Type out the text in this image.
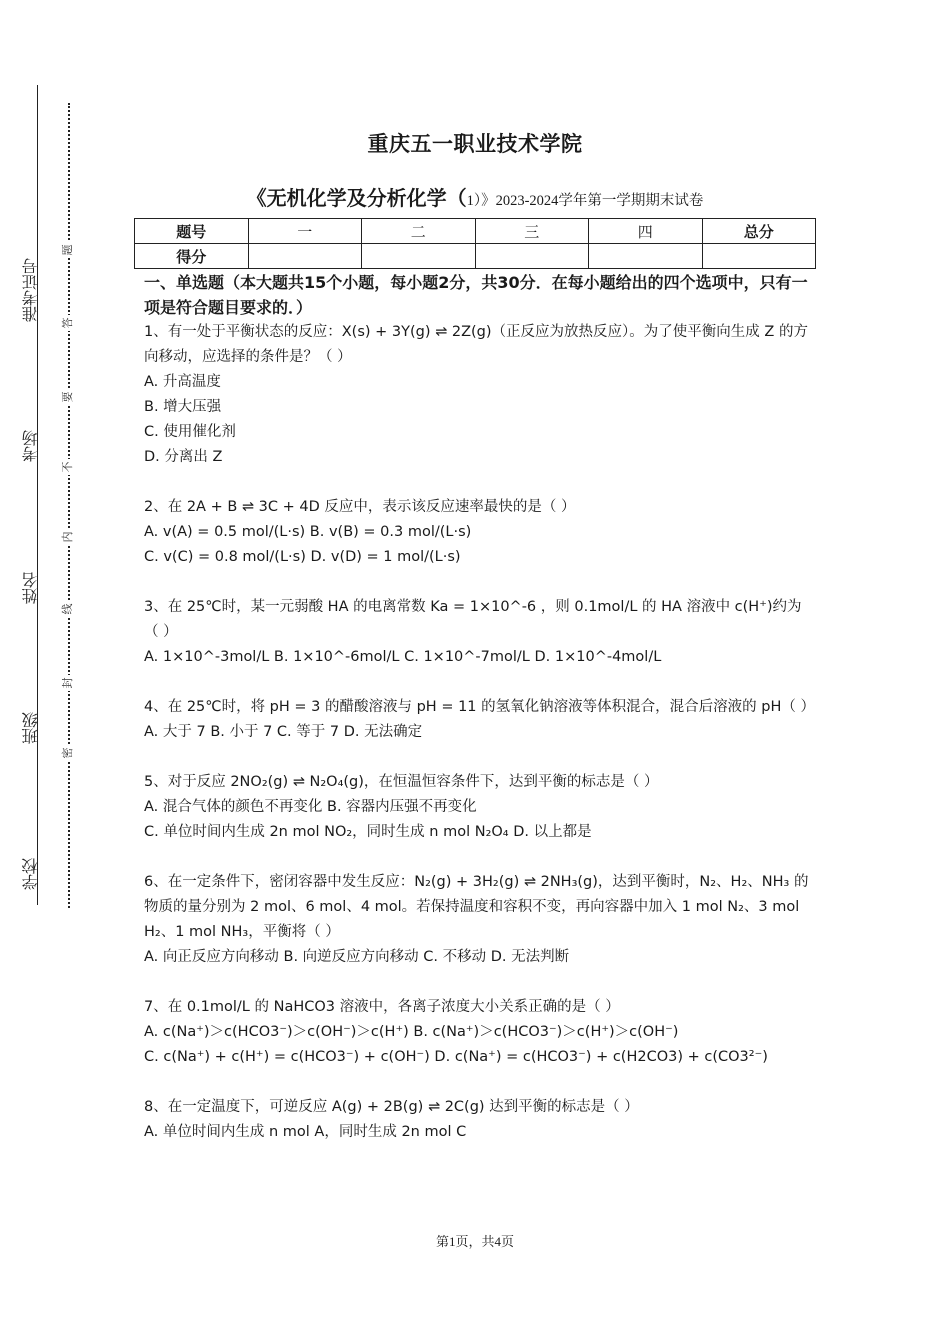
学校
班级
姓名
考场
准考证号
题
答
要
不
内
线
封
密
重庆五一职业技术学院
《无机化学及分析化学（1）》2023-2024学年第一学期期末试卷
题号	一	二	三	四	总分
得分					

一、单选题（本大题共15个小题，每小题2分，共30分．在每小题给出的四个选项中，只有一项是符合题目要求的．）

1、有一处于平衡状态的反应：X(s) + 3Y(g) ⇌ 2Z(g)（正反应为放热反应）。为了使平衡向生成 Z 的方向移动，应选择的条件是？（ ）

A. 升高温度

B. 增大压强

C. 使用催化剂

D. 分离出 Z

2、在 2A + B ⇌ 3C + 4D 反应中，表示该反应速率最快的是（ ）

A. v(A) = 0.5 mol/(L·s) B. v(B) = 0.3 mol/(L·s)

C. v(C) = 0.8 mol/(L·s) D. v(D) = 1 mol/(L·s)

3、在 25℃时，某一元弱酸 HA 的电离常数 Ka = 1×10^-6 ，则 0.1mol/L 的 HA 溶液中 c(H⁺)约为（ ）

A. 1×10^-3mol/L B. 1×10^-6mol/L C. 1×10^-7mol/L D. 1×10^-4mol/L

4、在 25℃时，将 pH = 3 的醋酸溶液与 pH = 11 的氢氧化钠溶液等体积混合，混合后溶液的 pH（ ）

A. 大于 7 B. 小于 7 C. 等于 7 D. 无法确定

5、对于反应 2NO₂(g) ⇌ N₂O₄(g)，在恒温恒容条件下，达到平衡的标志是（ ）

A. 混合气体的颜色不再变化 B. 容器内压强不再变化

C. 单位时间内生成 2n mol NO₂，同时生成 n mol N₂O₄ D. 以上都是

6、在一定条件下，密闭容器中发生反应：N₂(g) + 3H₂(g) ⇌ 2NH₃(g)，达到平衡时，N₂、H₂、NH₃ 的物质的量分别为 2 mol、6 mol、4 mol。若保持温度和容积不变，再向容器中加入 1 mol N₂、3 mol H₂、1 mol NH₃，平衡将（ ）

A. 向正反应方向移动 B. 向逆反应方向移动 C. 不移动 D. 无法判断

7、在 0.1mol/L 的 NaHCO3 溶液中，各离子浓度大小关系正确的是（ ）

A. c(Na⁺)＞c(HCO3⁻)＞c(OH⁻)＞c(H⁺) B. c(Na⁺)＞c(HCO3⁻)＞c(H⁺)＞c(OH⁻)

C. c(Na⁺) + c(H⁺) = c(HCO3⁻) + c(OH⁻) D. c(Na⁺) = c(HCO3⁻) + c(H2CO3) + c(CO3²⁻)

8、在一定温度下，可逆反应 A(g) + 2B(g) ⇌ 2C(g) 达到平衡的标志是（ ）

A. 单位时间内生成 n mol A，同时生成 2n mol C

第1页，共4页
